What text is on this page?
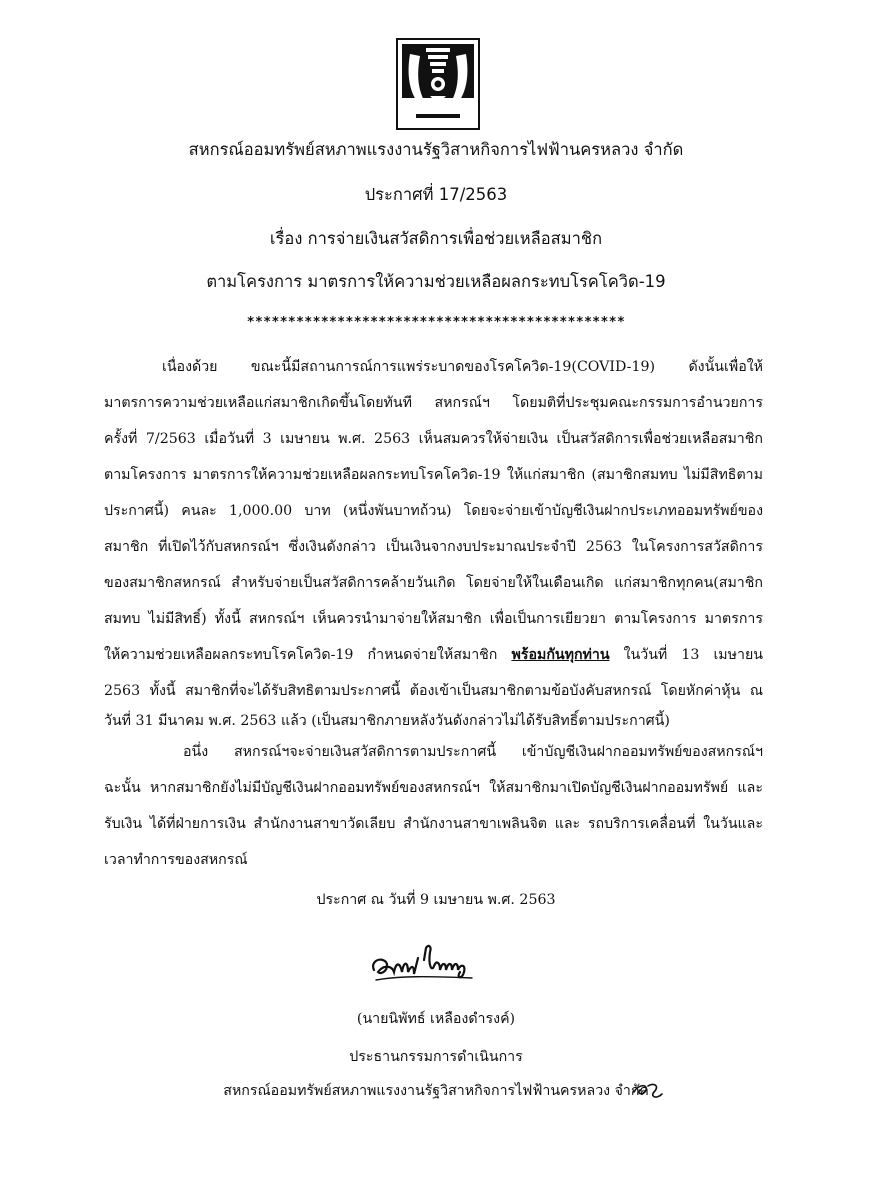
สหกรณ์ออมทรัพย์สหภาพแรงงานรัฐวิสาหกิจการไฟฟ้านครหลวง จำกัด
ประกาศที่ 17/2563
เรื่อง การจ่ายเงินสวัสดิการเพื่อช่วยเหลือสมาชิก
ตามโครงการ มาตรการให้ความช่วยเหลือผลกระทบโรคโควิด-19
**********************************************
เนื่องด้วย ขณะนี้มีสถานการณ์การแพร่ระบาดของโรคโควิด-19(COVID-19) ดังนั้นเพื่อให้
มาตรการความช่วยเหลือแก่สมาชิกเกิดขึ้นโดยทันที สหกรณ์ฯ โดยมติที่ประชุมคณะกรรมการอำนวยการ
ครั้งที่ 7/2563 เมื่อวันที่ 3 เมษายน พ.ศ. 2563 เห็นสมควรให้จ่ายเงิน เป็นสวัสดิการเพื่อช่วยเหลือสมาชิก
ตามโครงการ มาตรการให้ความช่วยเหลือผลกระทบโรคโควิด-19 ให้แก่สมาชิก (สมาชิกสมทบ ไม่มีสิทธิตาม
ประกาศนี้) คนละ 1,000.00 บาท (หนึ่งพันบาทถ้วน) โดยจะจ่ายเข้าบัญชีเงินฝากประเภทออมทรัพย์ของ
สมาชิก ที่เปิดไว้กับสหกรณ์ฯ ซึ่งเงินดังกล่าว เป็นเงินจากงบประมาณประจำปี 2563 ในโครงการสวัสดิการ
ของสมาชิกสหกรณ์ สำหรับจ่ายเป็นสวัสดิการคล้ายวันเกิด โดยจ่ายให้ในเดือนเกิด แก่สมาชิกทุกคน(สมาชิก
สมทบ ไม่มีสิทธิ์) ทั้งนี้ สหกรณ์ฯ เห็นควรนำมาจ่ายให้สมาชิก เพื่อเป็นการเยียวยา ตามโครงการ มาตรการ
ให้ความช่วยเหลือผลกระทบโรคโควิด-19 กำหนดจ่ายให้สมาชิก พร้อมกันทุกท่าน ในวันที่ 13 เมษายน
2563 ทั้งนี้ สมาชิกที่จะได้รับสิทธิตามประกาศนี้ ต้องเข้าเป็นสมาชิกตามข้อบังคับสหกรณ์ โดยหักค่าหุ้น ณ
วันที่ 31 มีนาคม พ.ศ. 2563 แล้ว (เป็นสมาชิกภายหลังวันดังกล่าวไม่ได้รับสิทธิ์ตามประกาศนี้)
อนึ่ง สหกรณ์ฯจะจ่ายเงินสวัสดิการตามประกาศนี้ เข้าบัญชีเงินฝากออมทรัพย์ของสหกรณ์ฯ
ฉะนั้น หากสมาชิกยังไม่มีบัญชีเงินฝากออมทรัพย์ของสหกรณ์ฯ ให้สมาชิกมาเปิดบัญชีเงินฝากออมทรัพย์ และ
รับเงิน ได้ที่ฝ่ายการเงิน สำนักงานสาขาวัดเลียบ สำนักงานสาขาเพลินจิต และ รถบริการเคลื่อนที่ ในวันและ
เวลาทำการของสหกรณ์
ประกาศ ณ วันที่ 9 เมษายน พ.ศ. 2563
(นายนิพัทธ์ เหลืองดำรงค์)
ประธานกรรมการดำเนินการ
สหกรณ์ออมทรัพย์สหภาพแรงงานรัฐวิสาหกิจการไฟฟ้านครหลวง จำกัด
